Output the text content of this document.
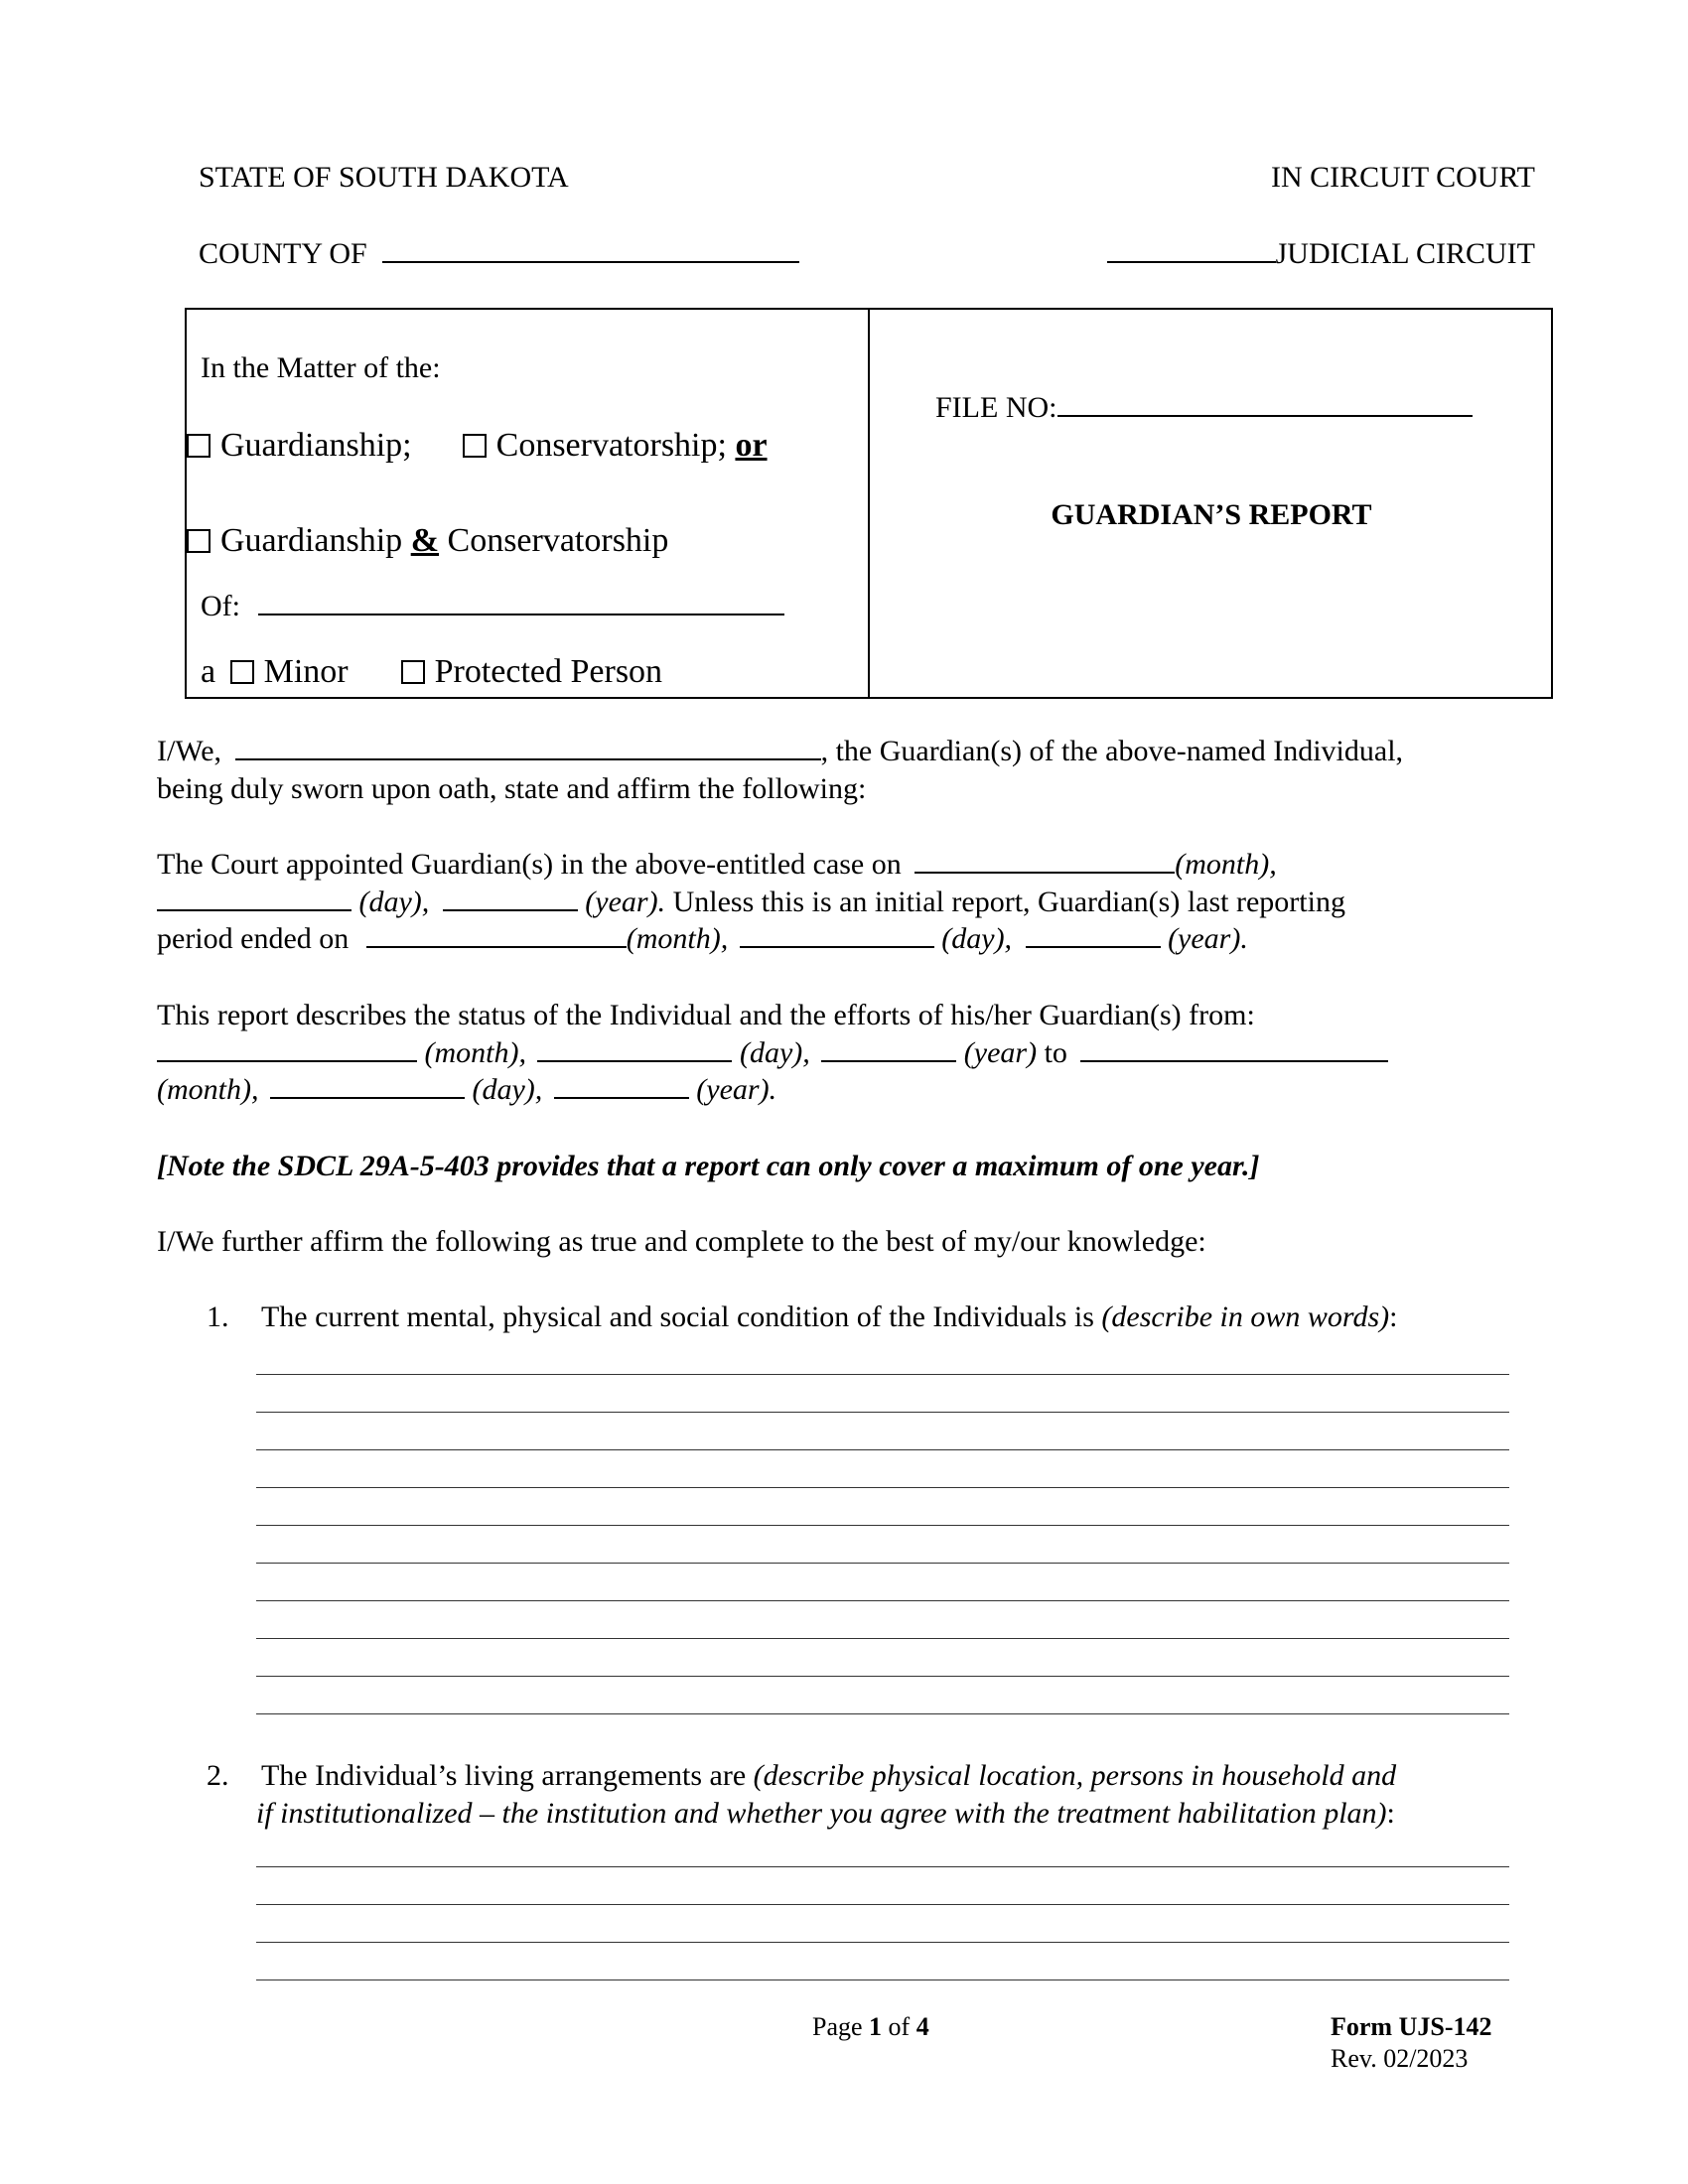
STATE OF SOUTH DAKOTA	IN CIRCUIT COURT
COUNTY OF	JUDICIAL CIRCUIT
In the Matter of the:
Guardianship;	Conservatorship; or
Guardianship & Conservatorship
Of:
a Minor	Protected Person
FILE NO:
GUARDIAN’S REPORT
I/We,	, the Guardian(s) of the above-named Individual,
being duly sworn upon oath, state and affirm the following:
The Court appointed Guardian(s) in the above-entitled case on	(month),
(day),	(year). Unless this is an initial report, Guardian(s) last reporting
period ended on	(month),	(day),	(year).
This report describes the status of the Individual and the efforts of his/her Guardian(s) from:
(month),	(day),	(year) to
(month),	(day),	(year).
[Note the SDCL 29A-5-403 provides that a report can only cover a maximum of one year.]
I/We further affirm the following as true and complete to the best of my/our knowledge:
1. The current mental, physical and social condition of the Individuals is (describe in own words):
2. The Individual’s living arrangements are (describe physical location, persons in household and
if institutionalized – the institution and whether you agree with the treatment habilitation plan):
Page 1 of 4	Form UJS-142
Rev. 02/2023
